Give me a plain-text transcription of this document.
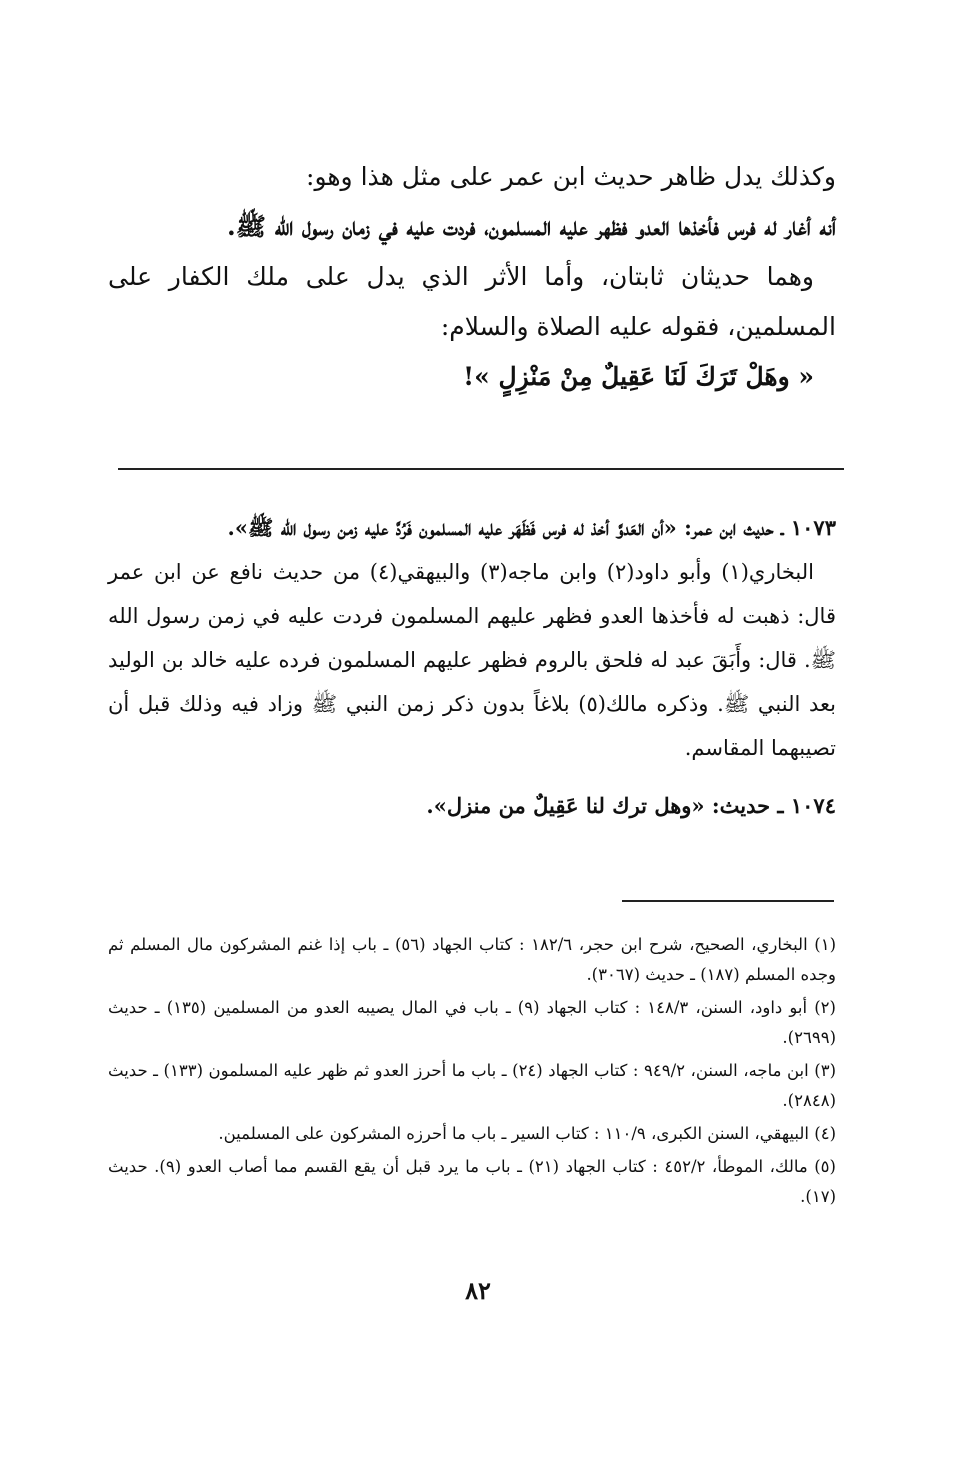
وكذلك يدل ظاهر حديث ابن عمر على مثل هذا وهو:

أنه أغار له فرس فأخذها العدو فظهر عليه المسلمون، فردت عليه في زمان رسول الله ﷺ.

وهما حديثان ثابتان، وأما الأثر الذي يدل على ملك الكفار على المسلمين، فقوله عليه الصلاة والسلام:

« وهَلْ تَرَكَ لَنَا عَقِيلٌ مِنْ مَنْزِلٍ »!

١٠٧٣ ـ حديث ابن عمر: «أن العَدوَّ أخذ له فرس فَظَهَر عليه المسلمون فَرُدَّ عليه زمن رسول الله ﷺ».

البخاري(١) وأبو داود(٢) وابن ماجه(٣) والبيهقي(٤) من حديث نافع عن ابن عمر قال: ذهبت له فأخذها العدو فظهر عليهم المسلمون فردت عليه في زمن رسول الله ﷺ. قال: وأَبَقَ عبد له فلحق بالروم فظهر عليهم المسلمون فرده عليه خالد بن الوليد بعد النبي ﷺ. وذكره مالك(٥) بلاغاً بدون ذكر زمن النبي ﷺ وزاد فيه وذلك قبل أن تصيبهما المقاسم.

١٠٧٤ ـ حديث: «وهل ترك لنا عَقِيلٌ من منزل».

(١) البخاري، الصحيح، شرح ابن حجر، ١٨٢/٦ : كتاب الجهاد (٥٦) ـ باب إذا غنم المشركون مال المسلم ثم وجده المسلم (١٨٧) ـ حديث (٣٠٦٧).

(٢) أبو داود، السنن، ١٤٨/٣ : كتاب الجهاد (٩) ـ باب في المال يصيبه العدو من المسلمين (١٣٥) ـ حديث (٢٦٩٩).

(٣) ابن ماجه، السنن، ٩٤٩/٢ : كتاب الجهاد (٢٤) ـ باب ما أحرز العدو ثم ظهر عليه المسلمون (١٣٣) ـ حديث (٢٨٤٨).

(٤) البيهقي، السنن الكبرى، ١١٠/٩ : كتاب السير ـ باب ما أحرزه المشركون على المسلمين.

(٥) مالك، الموطأ، ٤٥٢/٢ : كتاب الجهاد (٢١) ـ باب ما يرد قبل أن يقع القسم مما أصاب العدو (٩). حديث (١٧).

٨٢
